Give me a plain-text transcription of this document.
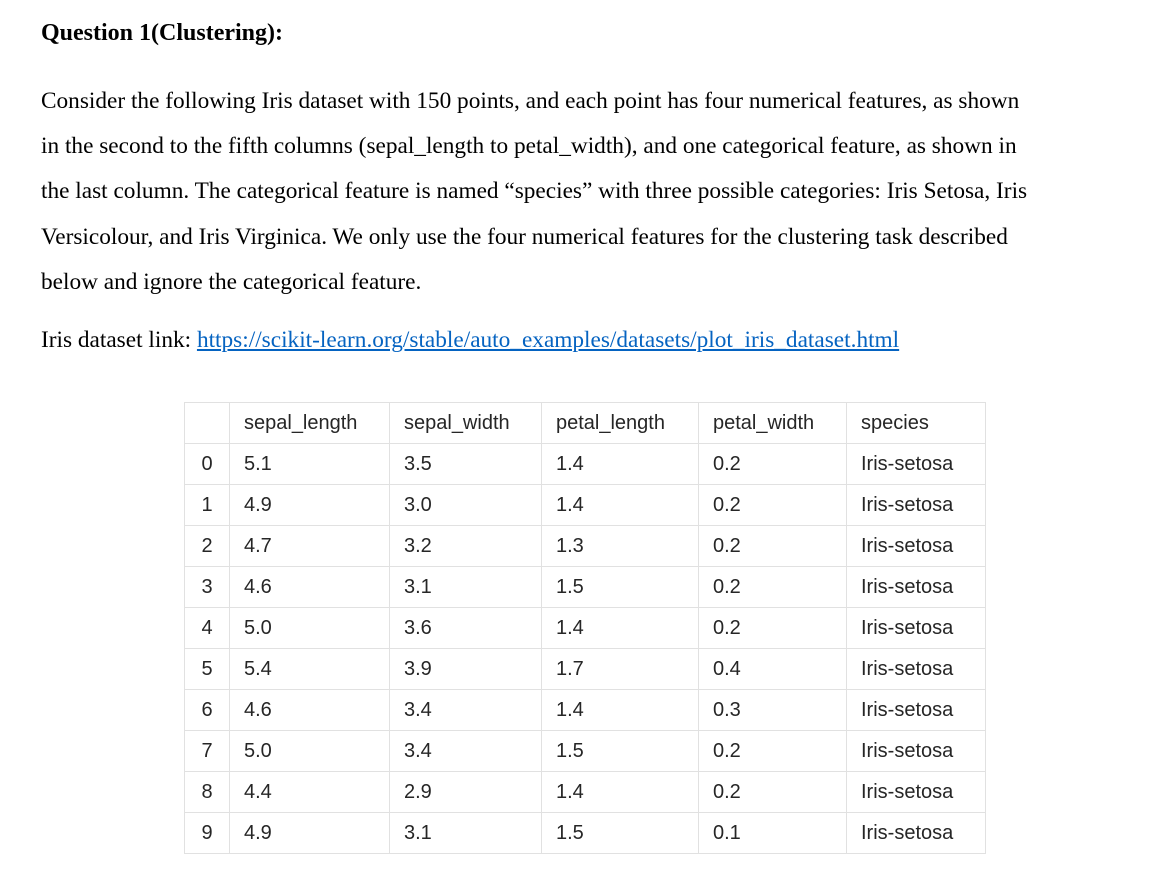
Question 1(Clustering):

Consider the following Iris dataset with 150 points, and each point has four numerical features, as shown
in the second to the fifth columns (sepal_length to petal_width), and one categorical feature, as shown in
the last column. The categorical feature is named “species” with three possible categories: Iris Setosa, Iris
Versicolour, and Iris Virginica. We only use the four numerical features for the clustering task described
below and ignore the categorical feature.

Iris dataset link: https://scikit-learn.org/stable/auto_examples/datasets/plot_iris_dataset.html

	sepal_length	sepal_width	petal_length	petal_width	species
0	5.1	3.5	1.4	0.2	Iris-setosa
1	4.9	3.0	1.4	0.2	Iris-setosa
2	4.7	3.2	1.3	0.2	Iris-setosa
3	4.6	3.1	1.5	0.2	Iris-setosa
4	5.0	3.6	1.4	0.2	Iris-setosa
5	5.4	3.9	1.7	0.4	Iris-setosa
6	4.6	3.4	1.4	0.3	Iris-setosa
7	5.0	3.4	1.5	0.2	Iris-setosa
8	4.4	2.9	1.4	0.2	Iris-setosa
9	4.9	3.1	1.5	0.1	Iris-setosa
